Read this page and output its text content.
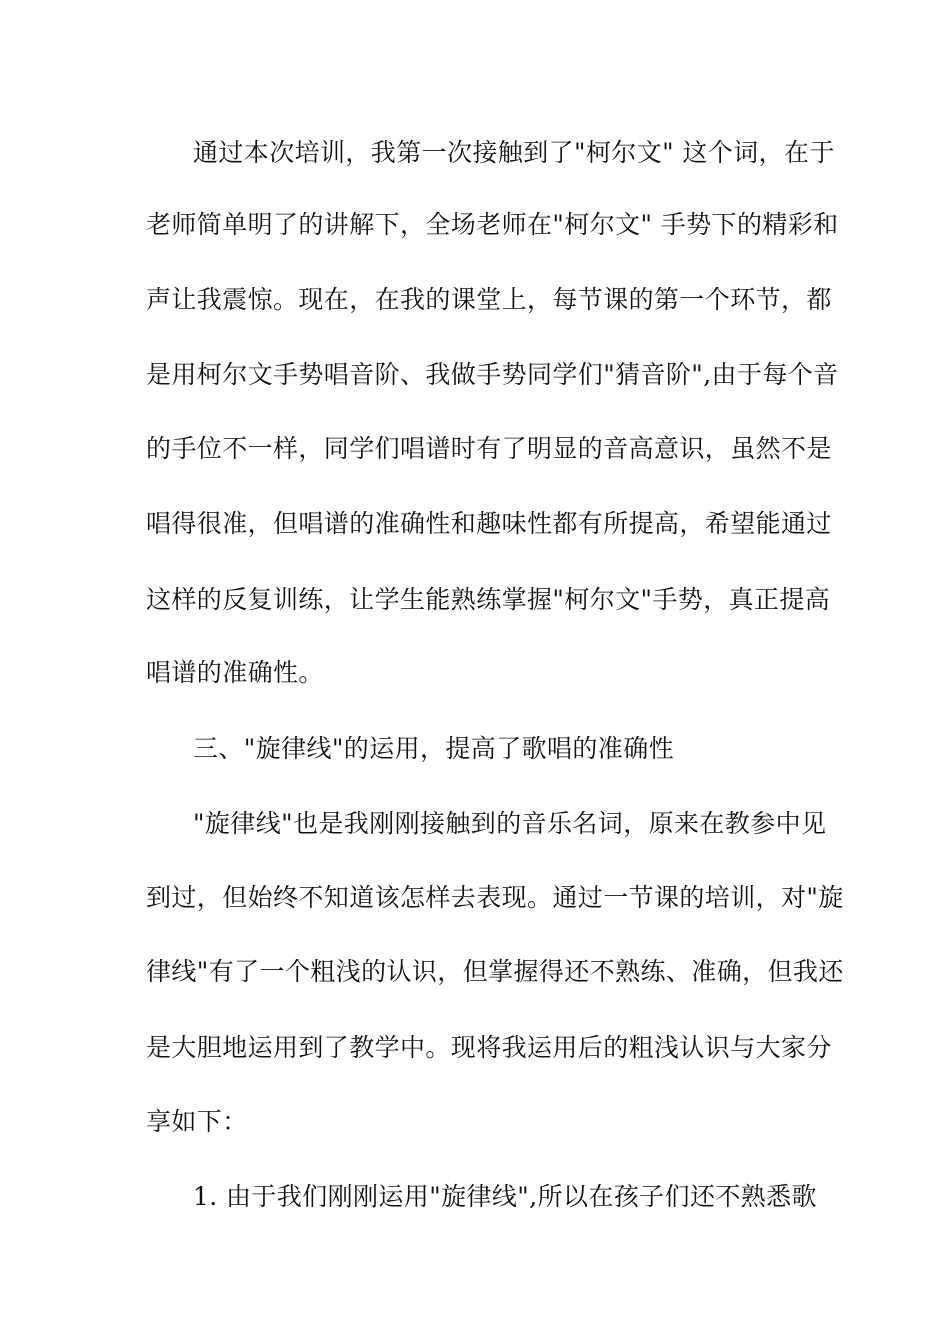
通过本次培训，我第一次接触到了"柯尔文" 这个词，在于
老师简单明了的讲解下，全场老师在"柯尔文" 手势下的精彩和
声让我震惊。现在，在我的课堂上，每节课的第一个环节，都
是用柯尔文手势唱音阶、我做手势同学们"猜音阶",由于每个音
的手位不一样，同学们唱谱时有了明显的音高意识，虽然不是
唱得很准，但唱谱的准确性和趣味性都有所提高，希望能通过
这样的反复训练，让学生能熟练掌握"柯尔文"手势，真正提高
唱谱的准确性。
三、"旋律线"的运用，提高了歌唱的准确性
"旋律线"也是我刚刚接触到的音乐名词，原来在教参中见
到过，但始终不知道该怎样去表现。通过一节课的培训，对"旋
律线"有了一个粗浅的认识，但掌握得还不熟练、准确，但我还
是大胆地运用到了教学中。现将我运用后的粗浅认识与大家分
享如下：
1. 由于我们刚刚运用"旋律线",所以在孩子们还不熟悉歌
